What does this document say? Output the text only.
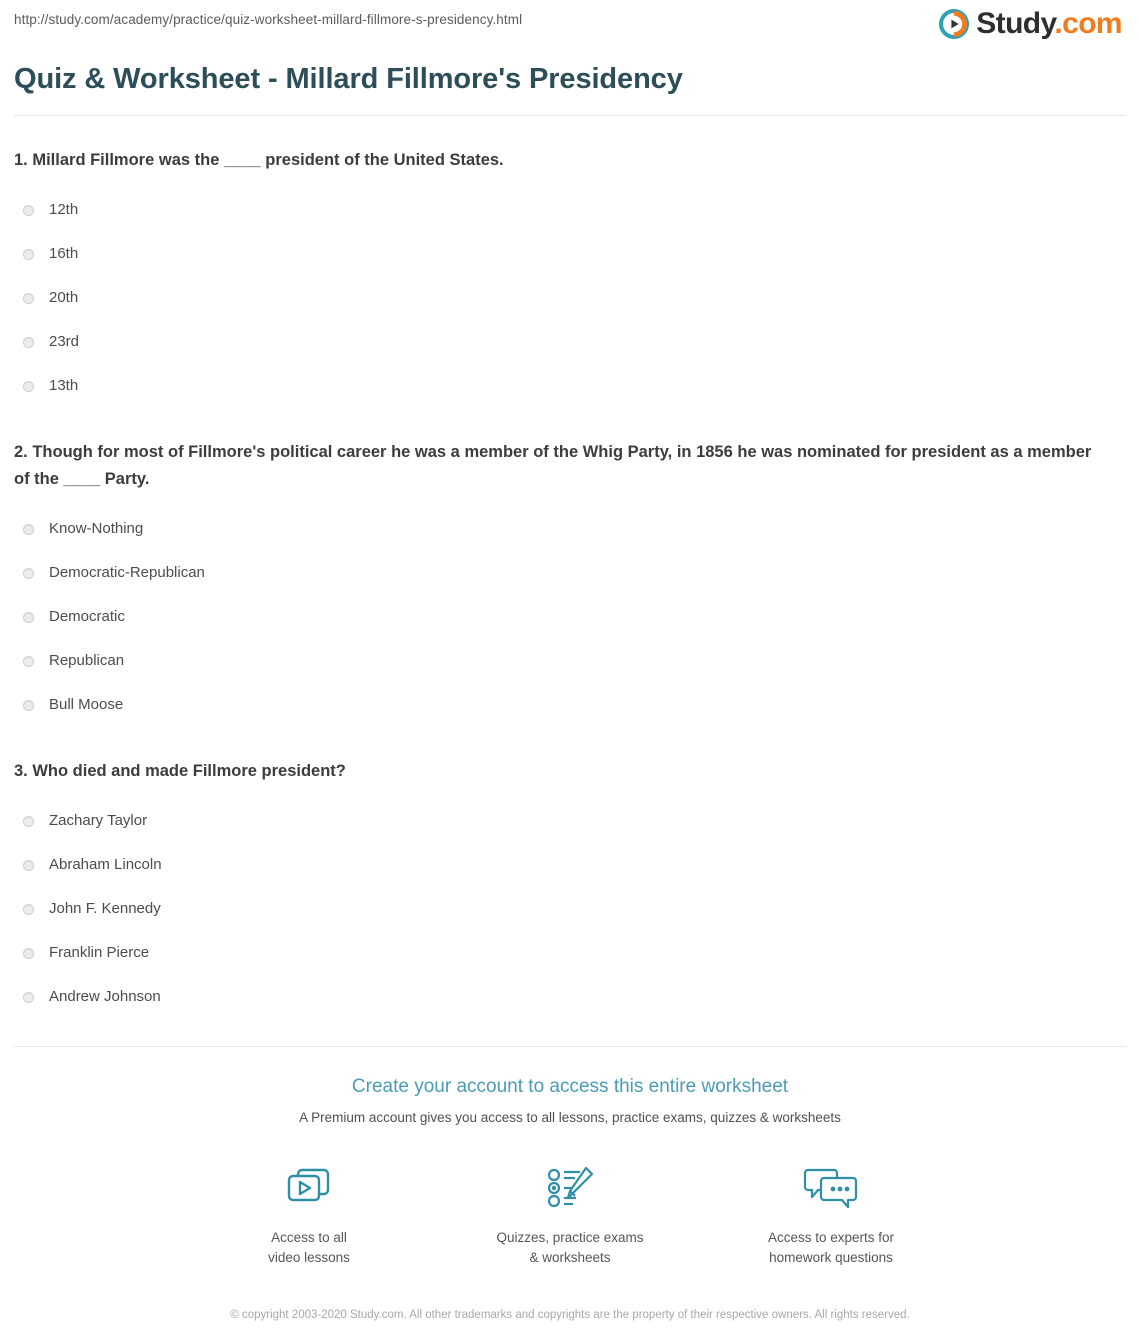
http://study.com/academy/practice/quiz-worksheet-millard-fillmore-s-presidency.html	Study.com
Quiz & Worksheet - Millard Fillmore's Presidency

1. Millard Fillmore was the ____ president of the United States.

12th
16th
20th
23rd
13th

2. Though for most of Fillmore's political career he was a member of the Whig Party, in 1856 he was nominated for president as a member of the ____ Party.

Know-Nothing
Democratic-Republican
Democratic
Republican
Bull Moose

3. Who died and made Fillmore president?

Zachary Taylor
Abraham Lincoln
John F. Kennedy
Franklin Pierce
Andrew Johnson
Create your account to access this entire worksheet
A Premium account gives you access to all lessons, practice exams, quizzes & worksheets
Access to all
video lessons
Quizzes, practice exams
& worksheets
Access to experts for
homework questions
© copyright 2003-2020 Study.com. All other trademarks and copyrights are the property of their respective owners. All rights reserved.
